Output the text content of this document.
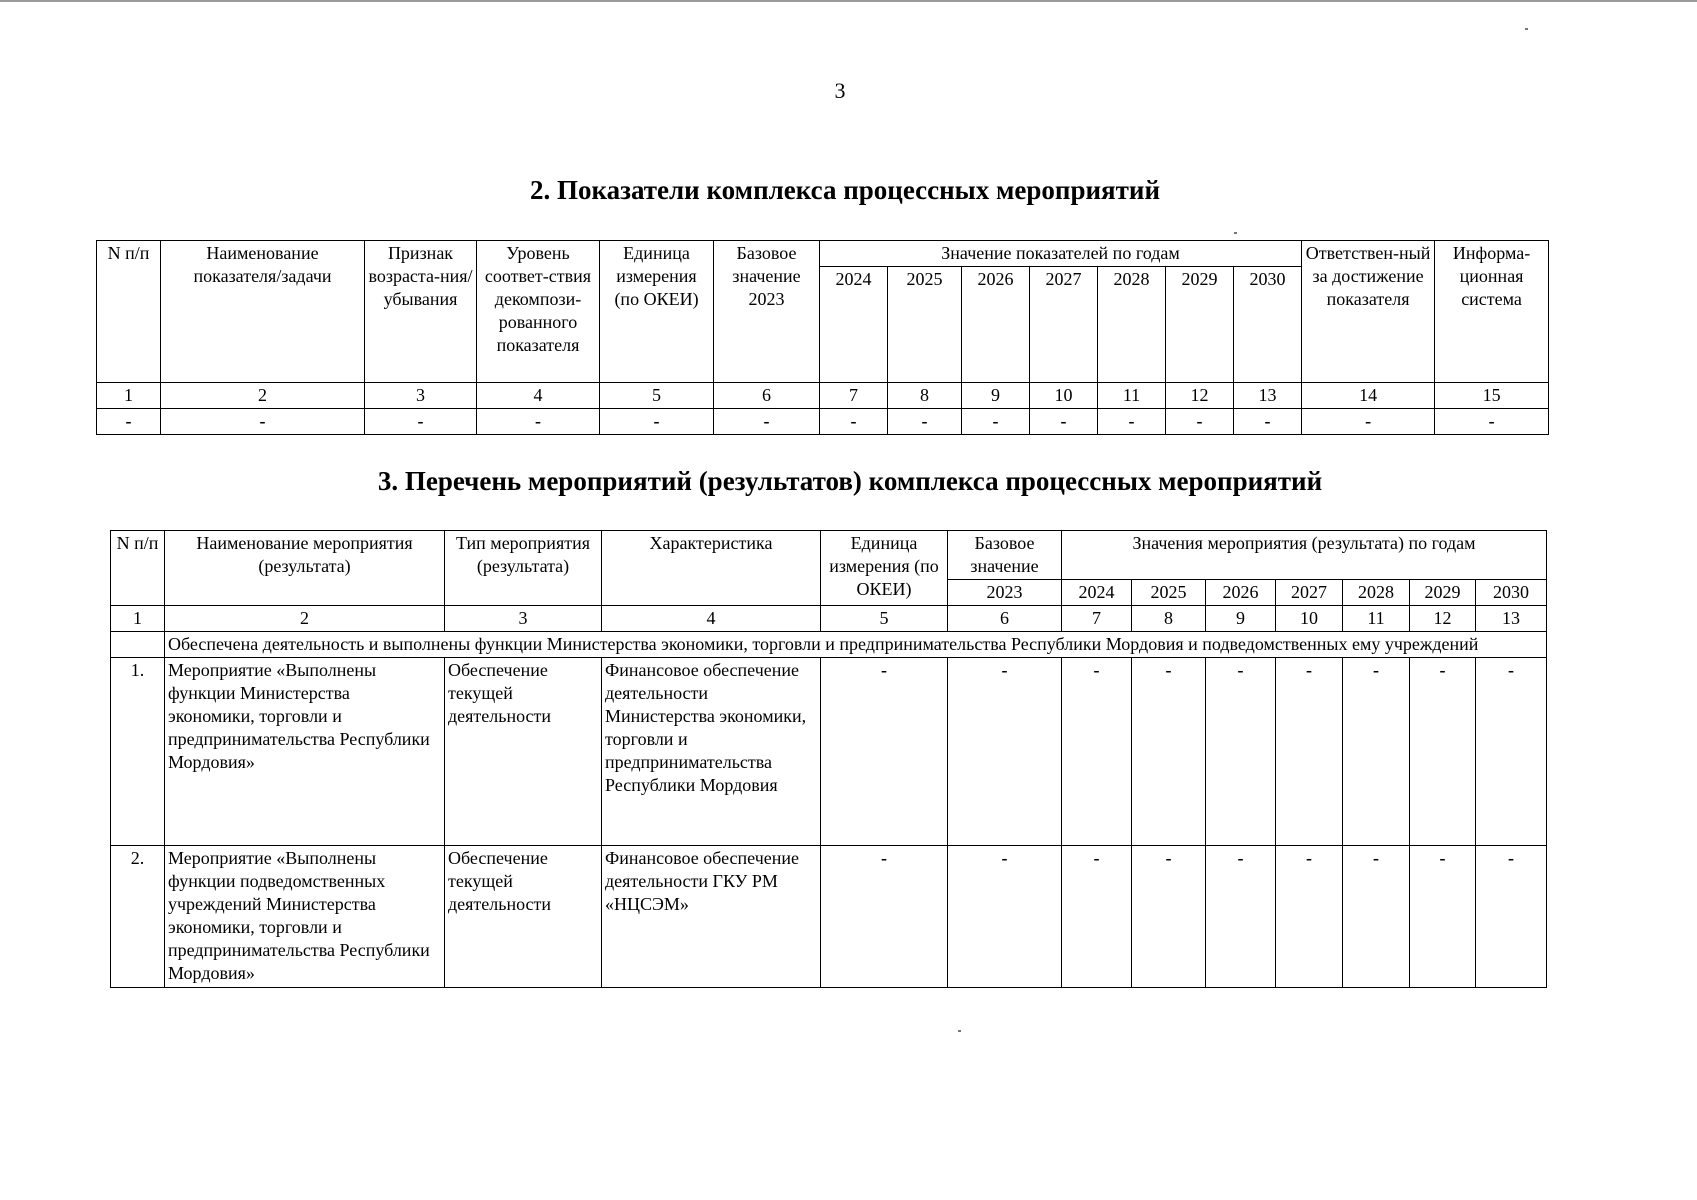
3
2. Показатели комплекса процессных мероприятий
N п/п	Наименование показателя/задачи	Признак возраста-ния/ убывания	Уровень соответ-ствия декомпози-рованного показателя	Единица измерения (по ОКЕИ)	Базовое значение 2023	Значение показателей по годам							Ответствен-ный за достижение показателя	Информа-ционная система
						2024	2025	2026	2027	2028	2029	2030		
1	2	3	4	5	6	7	8	9	10	11	12	13	14	15
-	-	-	-	-	-	-	-	-	-	-	-	-	-	-
3. Перечень мероприятий (результатов) комплекса процессных мероприятий
N п/п	Наименование мероприятия (результата)	Тип мероприятия (результата)	Характеристика	Единица измерения (по ОКЕИ)	Базовое значение	Значения мероприятия (результата) по годам						
					2023	2024	2025	2026	2027	2028	2029	2030
1	2	3	4	5	6	7	8	9	10	11	12	13
	Обеспечена деятельность и выполнены функции Министерства экономики, торговли и предпринимательства Республики Мордовия и подведомственных ему учреждений											
1.	Мероприятие «Выполнены функции Министерства экономики, торговли и предпринимательства Республики Мордовия»	Обеспечение текущей деятельности	Финансовое обеспечение деятельности Министерства экономики, торговли и предпринимательства Республики Мордовия	-	-	-	-	-	-	-	-	-
2.	Мероприятие «Выполнены функции подведомственных учреждений Министерства экономики, торговли и предпринимательства Республики Мордовия»	Обеспечение текущей деятельности	Финансовое обеспечение деятельности ГКУ РМ «НЦСЭМ»	-	-	-	-	-	-	-	-	-
